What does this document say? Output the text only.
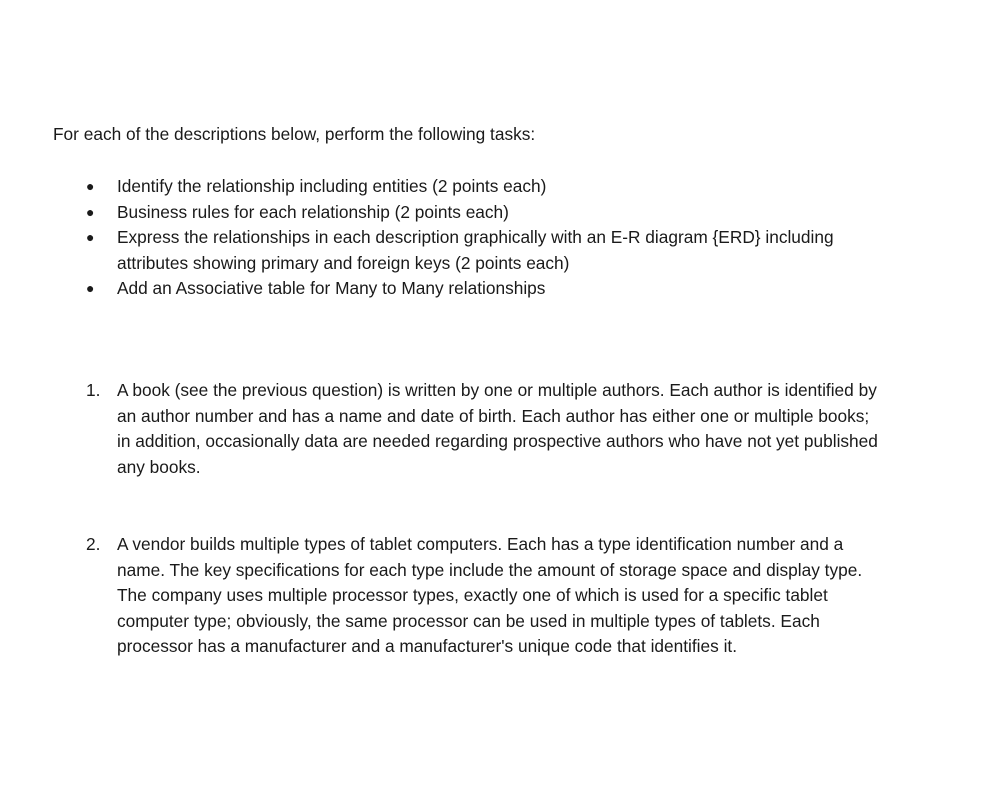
For each of the descriptions below, perform the following tasks:
● Identify the relationship including entities (2 points each)
● Business rules for each relationship (2 points each)
● Express the relationships in each description graphically with an E-R diagram {ERD} including attributes showing primary and foreign keys (2 points each)
● Add an Associative table for Many to Many relationships
1. A book (see the previous question) is written by one or multiple authors. Each author is identified by an author number and has a name and date of birth. Each author has either one or multiple books; in addition, occasionally data are needed regarding prospective authors who have not yet published any books.
2. A vendor builds multiple types of tablet computers. Each has a type identification number and a name. The key specifications for each type include the amount of storage space and display type. The company uses multiple processor types, exactly one of which is used for a specific tablet computer type; obviously, the same processor can be used in multiple types of tablets. Each processor has a manufacturer and a manufacturer's unique code that identifies it.
